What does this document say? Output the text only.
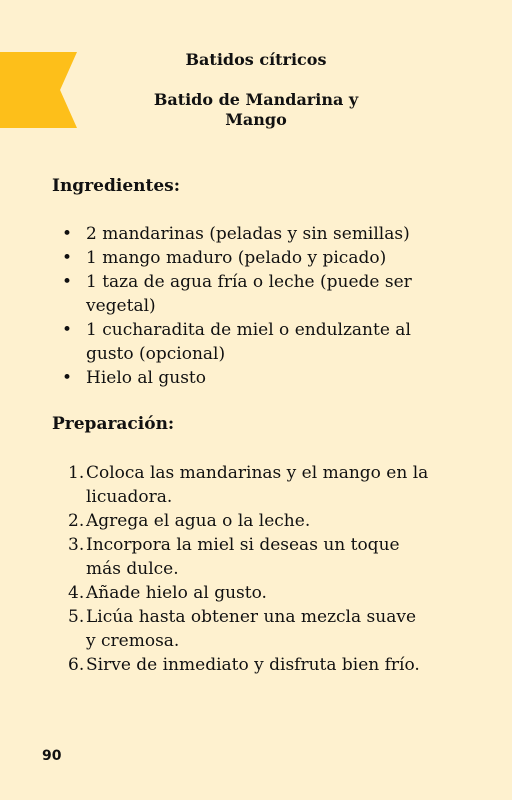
Batidos cítricos
Batido de Mandarina y Mango
Ingredientes:
• 2 mandarinas (peladas y sin semillas)
• 1 mango maduro (pelado y picado)
• 1 taza de agua fría o leche (puede ser vegetal)
• 1 cucharadita de miel o endulzante al gusto (opcional)
• Hielo al gusto
Preparación:
1. Coloca las mandarinas y el mango en la licuadora.
2. Agrega el agua o la leche.
3. Incorpora la miel si deseas un toque más dulce.
4. Añade hielo al gusto.
5. Licúa hasta obtener una mezcla suave y cremosa.
6. Sirve de inmediato y disfruta bien frío.

90
